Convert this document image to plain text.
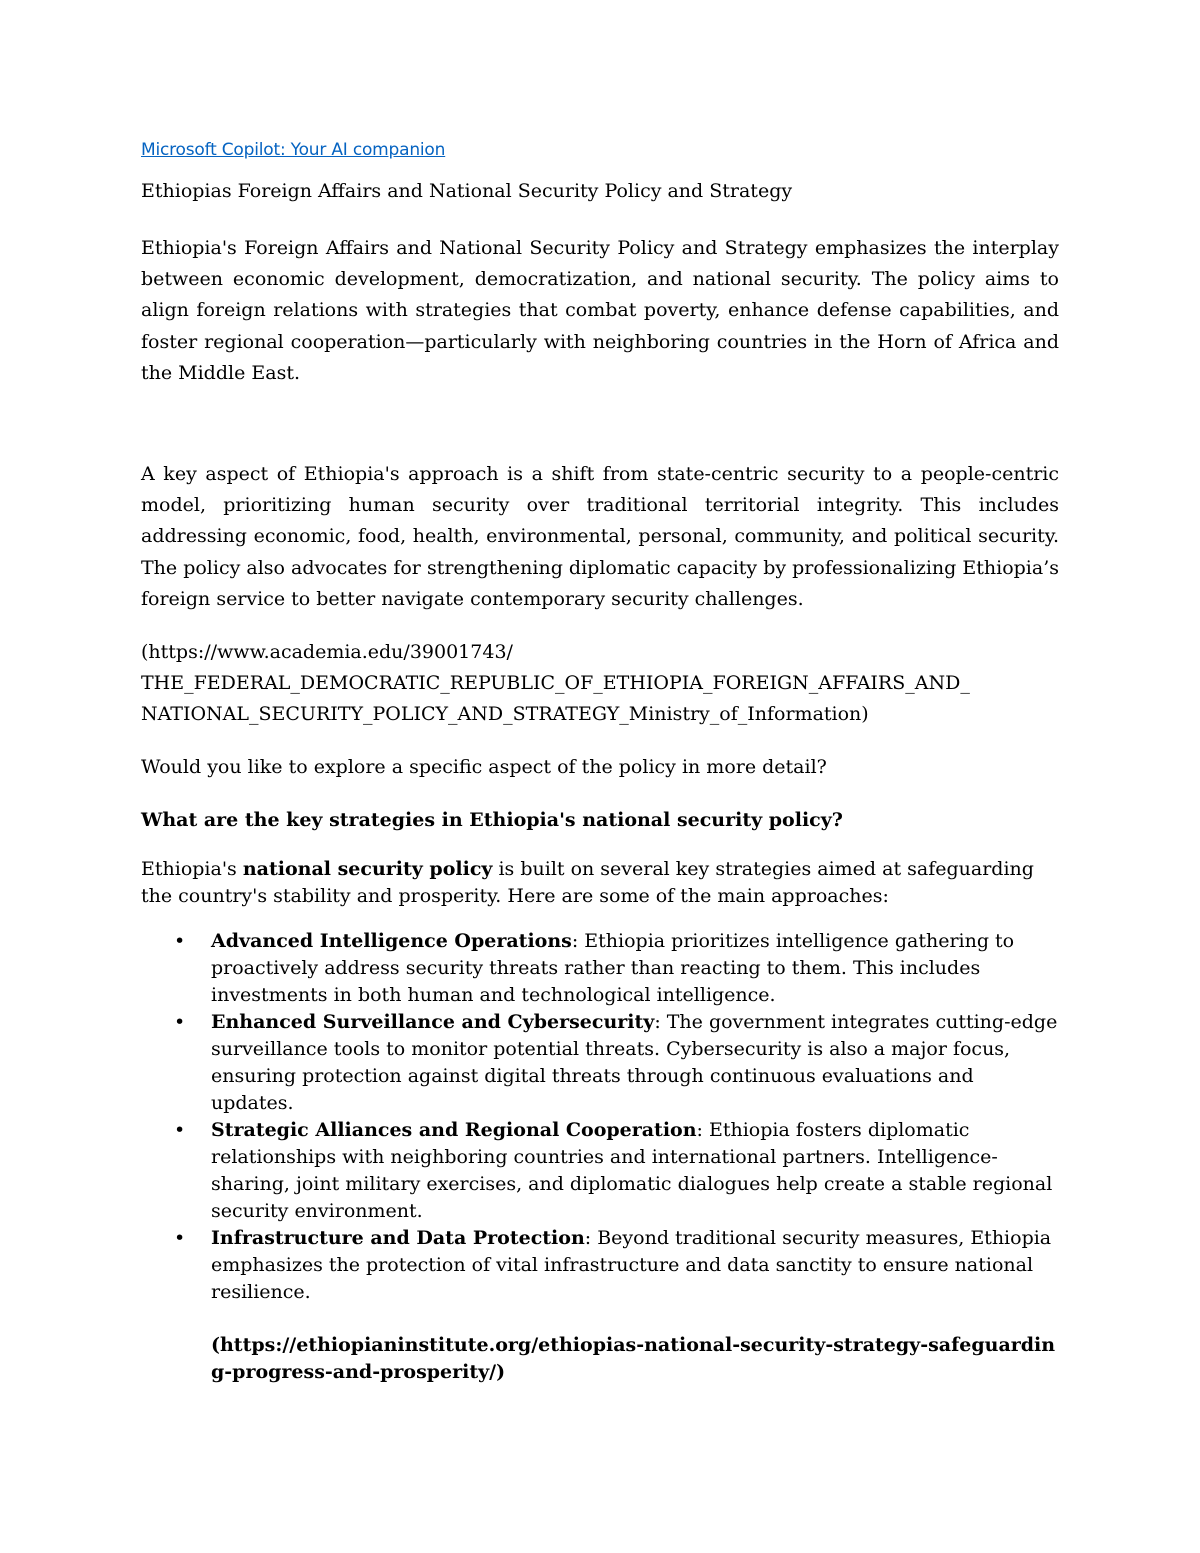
Microsoft Copilot: Your AI companion

Ethiopias Foreign Affairs and National Security Policy and Strategy

Ethiopia's Foreign Affairs and National Security Policy and Strategy emphasizes the interplay between economic development, democratization, and national security. The policy aims to align foreign relations with strategies that combat poverty, enhance defense capabilities, and foster regional cooperation—particularly with neighboring countries in the Horn of Africa and the Middle East.

A key aspect of Ethiopia's approach is a shift from state-centric security to a people-centric model, prioritizing human security over traditional territorial integrity. This includes addressing economic, food, health, environmental, personal, community, and political security. The policy also advocates for strengthening diplomatic capacity by professionalizing Ethiopia’s foreign service to better navigate contemporary security challenges.

(https://www.academia.edu/39001743/
THE_FEDERAL_DEMOCRATIC_REPUBLIC_OF_ETHIOPIA_FOREIGN_AFFAIRS_AND_
NATIONAL_SECURITY_POLICY_AND_STRATEGY_Ministry_of_Information)

Would you like to explore a specific aspect of the policy in more detail?

What are the key strategies in Ethiopia's national security policy?

Ethiopia's national security policy is built on several key strategies aimed at safeguarding the country's stability and prosperity. Here are some of the main approaches:

• Advanced Intelligence Operations: Ethiopia prioritizes intelligence gathering to proactively address security threats rather than reacting to them. This includes investments in both human and technological intelligence.
• Enhanced Surveillance and Cybersecurity: The government integrates cutting-edge surveillance tools to monitor potential threats. Cybersecurity is also a major focus, ensuring protection against digital threats through continuous evaluations and updates.
• Strategic Alliances and Regional Cooperation: Ethiopia fosters diplomatic relationships with neighboring countries and international partners. Intelligence-sharing, joint military exercises, and diplomatic dialogues help create a stable regional security environment.
• Infrastructure and Data Protection: Beyond traditional security measures, Ethiopia emphasizes the protection of vital infrastructure and data sanctity to ensure national resilience.

(https://ethiopianinstitute.org/ethiopias-national-security-strategy-safeguarding-progress-and-prosperity/)
